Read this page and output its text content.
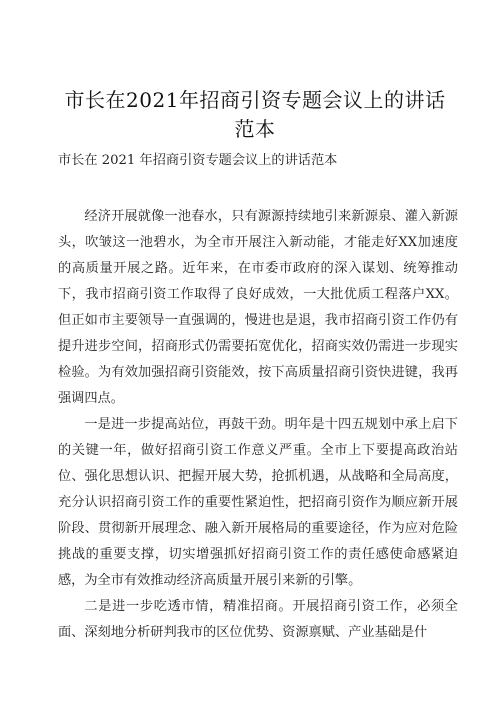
市长在2021年招商引资专题会议上的讲话范本
市长在 2021 年招商引资专题会议上的讲话范本

经济开展就像一池春水，只有源源持续地引来新源泉、灌入新源头，吹皱这一池碧水，为全市开展注入新动能，才能走好XX加速度的高质量开展之路。近年来，在市委市政府的深入谋划、统筹推动下，我市招商引资工作取得了良好成效，一大批优质工程落户XX。但正如市主要领导一直强调的，慢进也是退，我市招商引资工作仍有提升进步空间，招商形式仍需要拓宽优化，招商实效仍需进一步现实检验。为有效加强招商引资能效，按下高质量招商引资快进键，我再强调四点。

一是进一步提高站位，再鼓干劲。明年是十四五规划中承上启下的关键一年，做好招商引资工作意义严重。全市上下要提高政治站位、强化思想认识、把握开展大势，抢抓机遇，从战略和全局高度，充分认识招商引资工作的重要性紧迫性，把招商引资作为顺应新开展阶段、贯彻新开展理念、融入新开展格局的重要途径，作为应对危险挑战的重要支撑，切实增强抓好招商引资工作的责任感使命感紧迫感，为全市有效推动经济高质量开展引来新的引擎。

二是进一步吃透市情，精准招商。开展招商引资工作，必须全面、深刻地分析研判我市的区位优势、资源禀赋、产业基础是什
